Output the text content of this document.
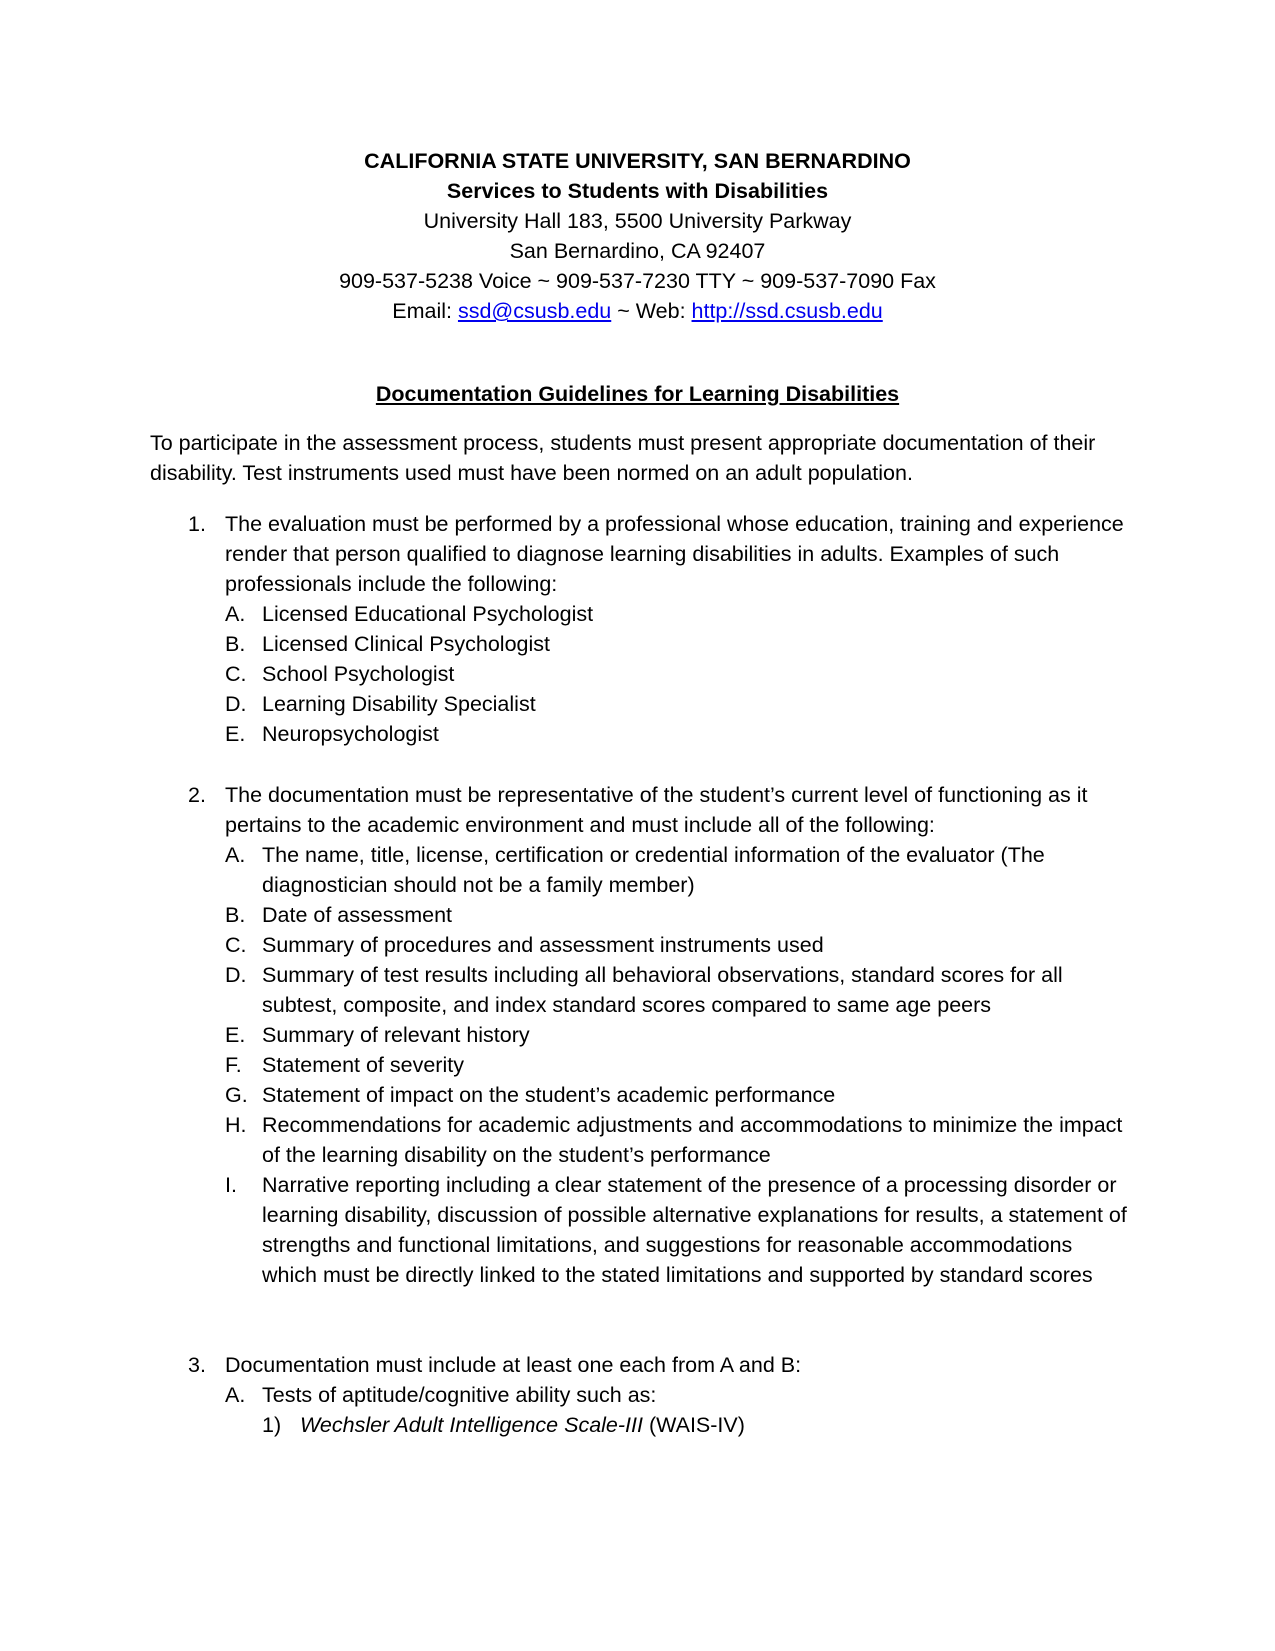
CALIFORNIA STATE UNIVERSITY, SAN BERNARDINO
Services to Students with Disabilities
University Hall 183, 5500 University Parkway
San Bernardino, CA 92407
909-537-5238 Voice ~ 909-537-7230 TTY ~ 909-537-7090 Fax
Email: ssd@csusb.edu ~ Web: http://ssd.csusb.edu
Documentation Guidelines for Learning Disabilities
To participate in the assessment process, students must present appropriate documentation of their disability. Test instruments used must have been normed on an adult population.
1. The evaluation must be performed by a professional whose education, training and experience render that person qualified to diagnose learning disabilities in adults. Examples of such professionals include the following:
A. Licensed Educational Psychologist
B. Licensed Clinical Psychologist
C. School Psychologist
D. Learning Disability Specialist
E. Neuropsychologist
2. The documentation must be representative of the student’s current level of functioning as it pertains to the academic environment and must include all of the following:
A. The name, title, license, certification or credential information of the evaluator (The diagnostician should not be a family member)
B. Date of assessment
C. Summary of procedures and assessment instruments used
D. Summary of test results including all behavioral observations, standard scores for all subtest, composite, and index standard scores compared to same age peers
E. Summary of relevant history
F. Statement of severity
G. Statement of impact on the student’s academic performance
H. Recommendations for academic adjustments and accommodations to minimize the impact of the learning disability on the student’s performance
I. Narrative reporting including a clear statement of the presence of a processing disorder or learning disability, discussion of possible alternative explanations for results, a statement of strengths and functional limitations, and suggestions for reasonable accommodations which must be directly linked to the stated limitations and supported by standard scores
3. Documentation must include at least one each from A and B:
A. Tests of aptitude/cognitive ability such as:
1) Wechsler Adult Intelligence Scale-III (WAIS-IV)
